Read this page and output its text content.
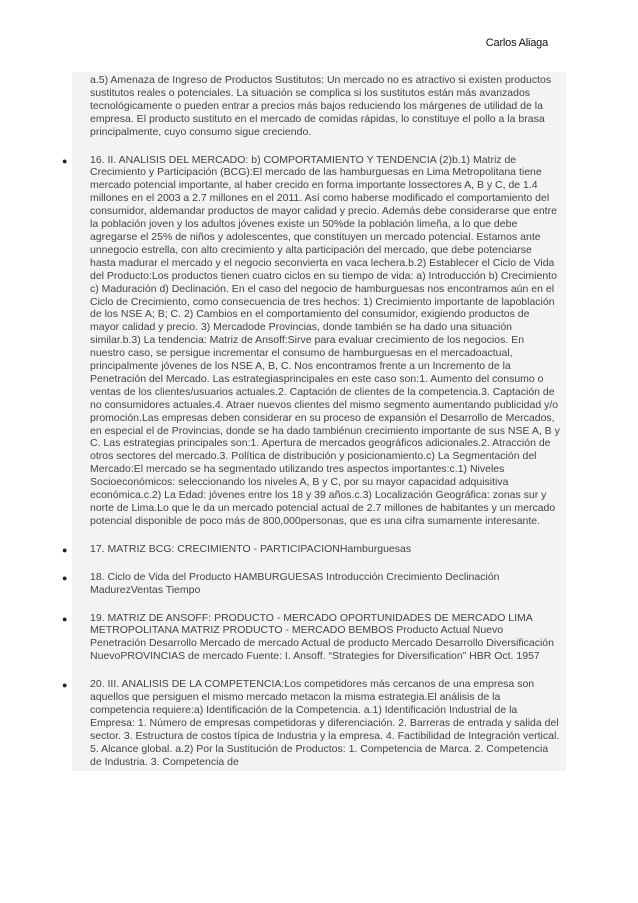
Carlos Aliaga
a.5) Amenaza de Ingreso de Productos Sustitutos: Un mercado no es atractivo si existen productos sustitutos reales o potenciales. La situación se complica si los sustitutos están más avanzados tecnológicamente o pueden entrar a precios más bajos reduciendo los márgenes de utilidad de la empresa. El producto sustituto en el mercado de comidas rápidas, lo constituye el pollo a la brasa principalmente, cuyo consumo sigue creciendo.
● 16. II. ANALISIS DEL MERCADO: b) COMPORTAMIENTO Y TENDENCIA (2)b.1) Matriz de Crecimiento y Participación (BCG):El mercado de las hamburguesas en Lima Metropolitana tiene mercado potencial importante, al haber crecido en forma importante lossectores A, B y C, de 1.4 millones en el 2003 a 2.7 millones en el 2011. Así como haberse modificado el comportamiento del consumidor, aldemandar productos de mayor calidad y precio. Además debe considerarse que entre la población joven y los adultos jóvenes existe un 50%de la población limeña, a lo que debe agregarse el 25% de niños y adolescentes, que constituyen un mercado potencial. Estamos ante unnegocio estrella, con alto crecimiento y alta participación del mercado, que debe potenciarse hasta madurar el mercado y el negocio seconvierta en vaca lechera.b.2) Establecer el Ciclo de Vida del Producto:Los productos tienen cuatro ciclos en su tiempo de vida: a) Introducción b) Crecimiento c) Maduración d) Declinación. En el caso del negocio de hamburguesas nos encontramos aún en el Ciclo de Crecimiento, como consecuencia de tres hechos: 1) Crecimiento importante de lapoblación de los NSE A; B; C. 2) Cambios en el comportamiento del consumidor, exigiendo productos de mayor calidad y precio. 3) Mercadode Provincias, donde también se ha dado una situación similar.b.3) La tendencia: Matriz de Ansoff:Sirve para evaluar crecimiento de los negocios. En nuestro caso, se persigue incrementar el consumo de hamburguesas en el mercadoactual, principalmente jóvenes de los NSE A, B, C. Nos encontramos frente a un Incremento de la Penetración del Mercado. Las estrategiasprincipales en este caso son:1. Aumento del consumo o ventas de los clientes/usuarios actuales.2. Captación de clientes de la competencia.3. Captación de no consumidores actuales.4. Atraer nuevos clientes del mismo segmento aumentando publicidad y/o promoción.Las empresas deben considerar en su proceso de expansión el Desarrollo de Mercados, en especial el de Provincias, donde se ha dado tambiénun crecimiento importante de sus NSE A, B y C. Las estrategias principales son:1. Apertura de mercados geográficos adicionales.2. Atracción de otros sectores del mercado.3. Política de distribución y posicionamiento.c) La Segmentación del Mercado:El mercado se ha segmentado utilizando tres aspectos importantes:c.1) Niveles Socioeconómicos: seleccionando los niveles A, B y C, por su mayor capacidad adquisitiva económica.c.2) La Edad: jóvenes entre los 18 y 39 años.c.3) Localización Geográfica: zonas sur y norte de Lima.Lo que le da un mercado potencial actual de 2.7 millones de habitantes y un mercado potencial disponible de poco más de 800,000personas, que es una cifra sumamente interesante.
● 17. MATRIZ BCG: CRECIMIENTO - PARTICIPACIONHamburguesas
● 18. Ciclo de Vida del Producto HAMBURGUESAS Introducción Crecimiento Declinación MadurezVentas Tiempo
● 19. MATRIZ DE ANSOFF: PRODUCTO - MERCADO OPORTUNIDADES DE MERCADO LIMA METROPOLITANA MATRIZ PRODUCTO - MERCADO BEMBOS Producto Actual Nuevo Penetración Desarrollo Mercado de mercado Actual de producto Mercado Desarrollo Diversificación NuevoPROVINCIAS de mercado Fuente: I. Ansoff. “Strategies for Diversification” HBR Oct. 1957
● 20. III. ANALISIS DE LA COMPETENCIA:Los competidores más cercanos de una empresa son aquellos que persiguen el mismo mercado metacon la misma estrategia.El análisis de la competencia requiere:a) Identificación de la Competencia. a.1) Identificación Industrial de la Empresa: 1. Número de empresas competidoras y diferenciación. 2. Barreras de entrada y salida del sector. 3. Estructura de costos típica de Industria y la empresa. 4. Factibilidad de Integración vertical. 5. Alcance global. a.2) Por la Sustitución de Productos: 1. Competencia de Marca. 2. Competencia de Industria. 3. Competencia de
